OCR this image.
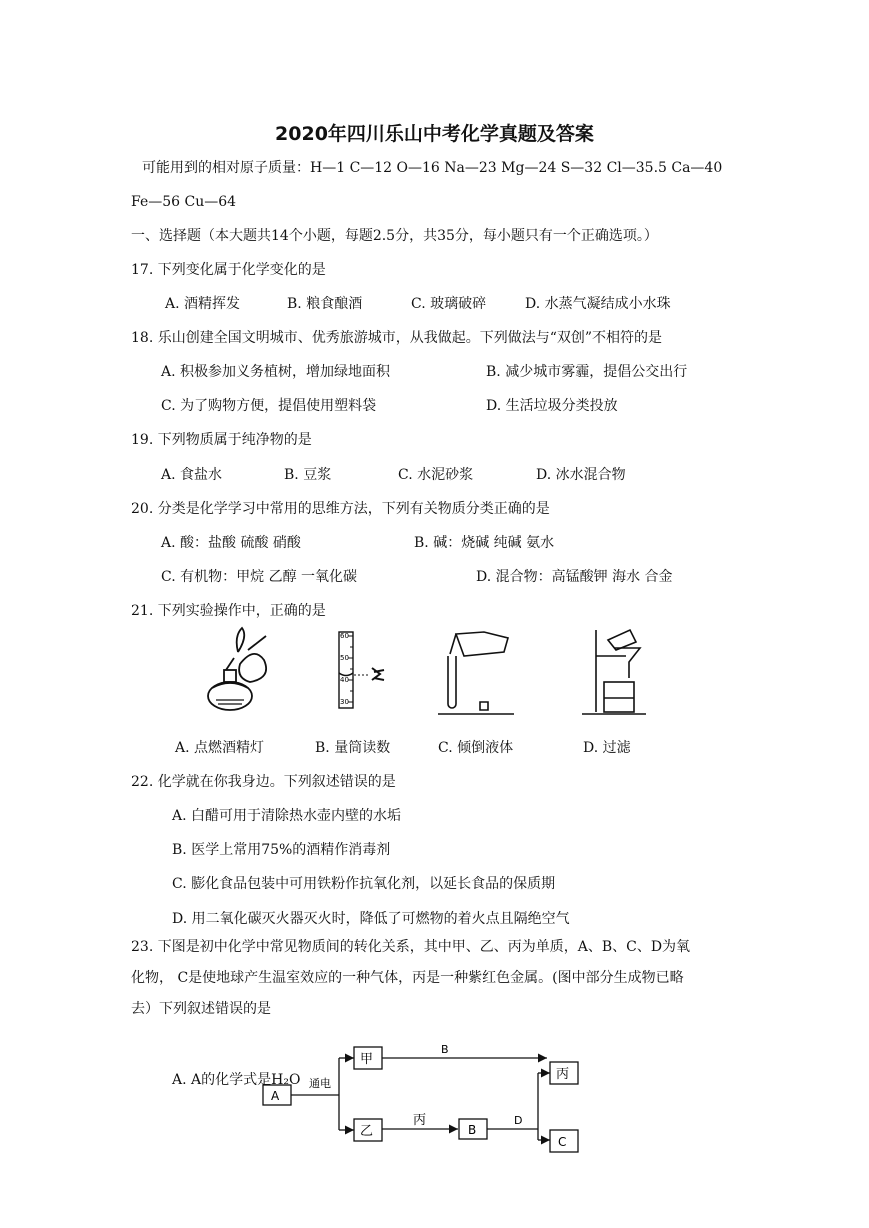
2020年四川乐山中考化学真题及答案
可能用到的相对原子质量：H—1 C—12 O—16 Na—23 Mg—24 S—32 Cl—35.5 Ca—40
Fe—56 Cu—64
一、选择题（本大题共14个小题，每题2.5分，共35分，每小题只有一个正确选项。）
17. 下列变化属于化学变化的是
A. 酒精挥发	B. 粮食酿酒	C. 玻璃破碎	D. 水蒸气凝结成小水珠
18. 乐山创建全国文明城市、优秀旅游城市，从我做起。下列做法与“双创”不相符的是
A. 积极参加义务植树，增加绿地面积	B. 减少城市雾霾，提倡公交出行
C. 为了购物方便，提倡使用塑料袋	D. 生活垃圾分类投放
19. 下列物质属于纯净物的是
A. 食盐水	B. 豆浆	C. 水泥砂浆	D. 冰水混合物
20. 分类是化学学习中常用的思维方法，下列有关物质分类正确的是
A. 酸：盐酸 硫酸 硝酸	B. 碱：烧碱 纯碱 氨水
C. 有机物：甲烷 乙醇 一氧化碳	D. 混合物：高锰酸钾 海水 合金
21. 下列实验操作中，正确的是
60
50
40
30
A. 点燃酒精灯	B. 量筒读数	C. 倾倒液体	D. 过滤
22. 化学就在你我身边。下列叙述错误的是
A. 白醋可用于清除热水壶内壁的水垢
B. 医学上常用75%的酒精作消毒剂
C. 膨化食品包装中可用铁粉作抗氧化剂，以延长食品的保质期
D. 用二氧化碳灭火器灭火时，降低了可燃物的着火点且隔绝空气
23. 下图是初中化学中常见物质间的转化关系，其中甲、乙、丙为单质，A、B、C、D为氧
化物， C是使地球产生温室效应的一种气体，丙是一种紫红色金属。(图中部分生成物已略
去）下列叙述错误的是
A. A的化学式是H₂O
A
甲
乙
丙
B
C
通电
B
丙	D
